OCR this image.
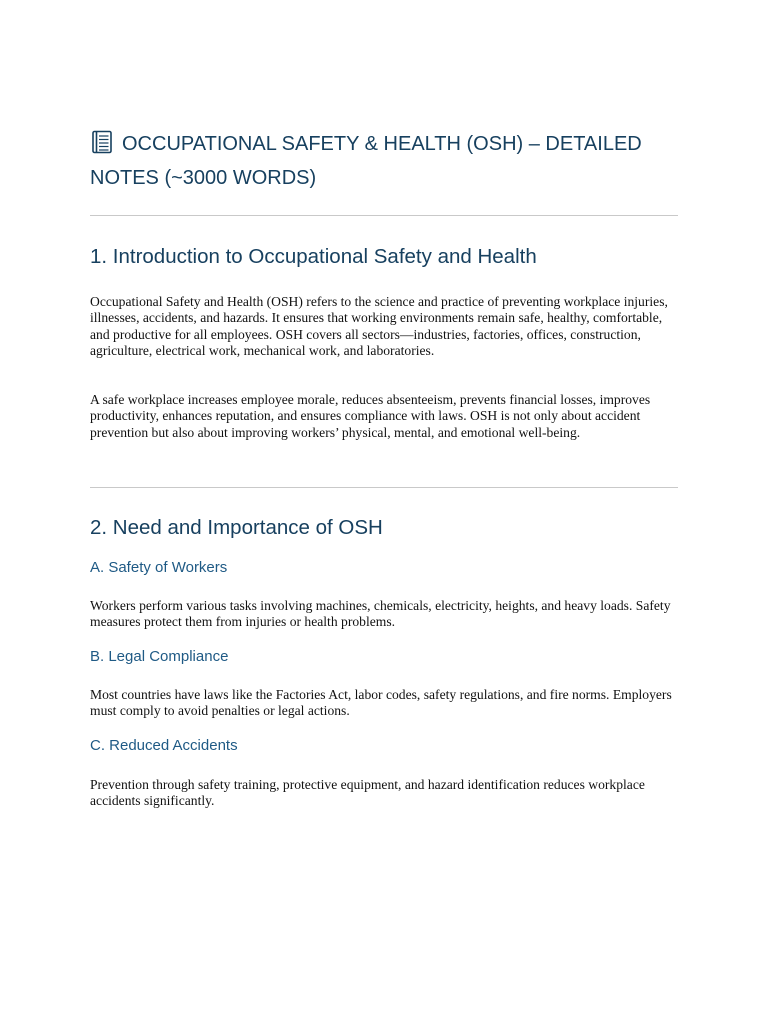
OCCUPATIONAL SAFETY & HEALTH (OSH) – DETAILED NOTES (~3000 WORDS)
1. Introduction to Occupational Safety and Health

Occupational Safety and Health (OSH) refers to the science and practice of preventing workplace injuries, illnesses, accidents, and hazards. It ensures that working environments remain safe, healthy, comfortable, and productive for all employees. OSH covers all sectors—industries, factories, offices, construction, agriculture, electrical work, mechanical work, and laboratories.

A safe workplace increases employee morale, reduces absenteeism, prevents financial losses, improves productivity, enhances reputation, and ensures compliance with laws. OSH is not only about accident prevention but also about improving workers’ physical, mental, and emotional well-being.

2. Need and Importance of OSH
A. Safety of Workers

Workers perform various tasks involving machines, chemicals, electricity, heights, and heavy loads. Safety measures protect them from injuries or health problems.

B. Legal Compliance

Most countries have laws like the Factories Act, labor codes, safety regulations, and fire norms. Employers must comply to avoid penalties or legal actions.

C. Reduced Accidents

Prevention through safety training, protective equipment, and hazard identification reduces workplace accidents significantly.
